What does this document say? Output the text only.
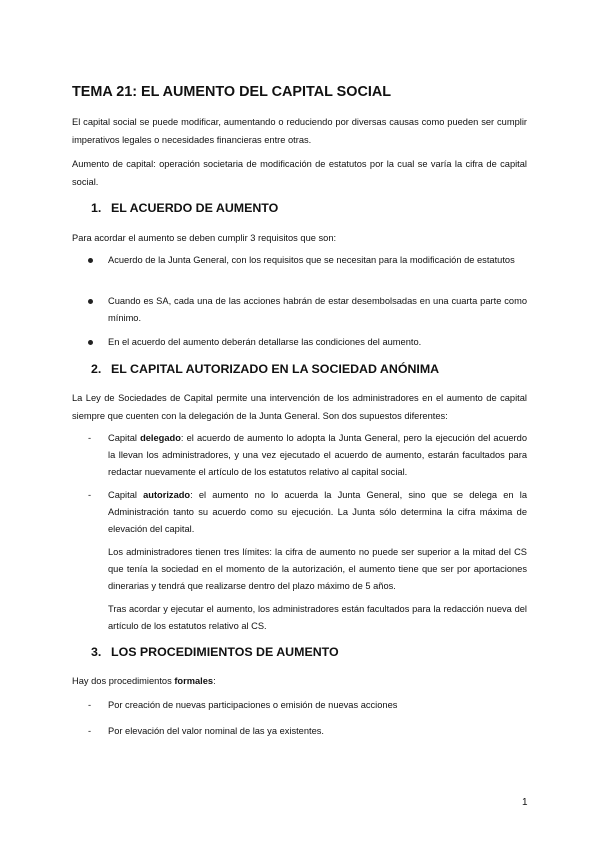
TEMA 21: EL AUMENTO DEL CAPITAL SOCIAL

El capital social se puede modificar, aumentando o reduciendo por diversas causas como pueden ser cumplir imperativos legales o necesidades financieras entre otras.

Aumento de capital: operación societaria de modificación de estatutos por la cual se varía la cifra de capital social.

1. EL ACUERDO DE AUMENTO

Para acordar el aumento se deben cumplir 3 requisitos que son:

Acuerdo de la Junta General, con los requisitos que se necesitan para la modificación de estatutos

Cuando es SA, cada una de las acciones habrán de estar desembolsadas en una cuarta parte como mínimo.

En el acuerdo del aumento deberán detallarse las condiciones del aumento.

2. EL CAPITAL AUTORIZADO EN LA SOCIEDAD ANÓNIMA

La Ley de Sociedades de Capital permite una intervención de los administradores en el aumento de capital siempre que cuenten con la delegación de la Junta General. Son dos supuestos diferentes:

- Capital delegado: el acuerdo de aumento lo adopta la Junta General, pero la ejecución del acuerdo la llevan los administradores, y una vez ejecutado el acuerdo de aumento, estarán facultados para redactar nuevamente el artículo de los estatutos relativo al capital social.

- Capital autorizado: el aumento no lo acuerda la Junta General, sino que se delega en la Administración tanto su acuerdo como su ejecución. La Junta sólo determina la cifra máxima de elevación del capital.

Los administradores tienen tres límites: la cifra de aumento no puede ser superior a la mitad del CS que tenía la sociedad en el momento de la autorización, el aumento tiene que ser por aportaciones dinerarias y tendrá que realizarse dentro del plazo máximo de 5 años.

Tras acordar y ejecutar el aumento, los administradores están facultados para la redacción nueva del artículo de los estatutos relativo al CS.

3. LOS PROCEDIMIENTOS DE AUMENTO

Hay dos procedimientos formales:

- Por creación de nuevas participaciones o emisión de nuevas acciones

- Por elevación del valor nominal de las ya existentes.

1
